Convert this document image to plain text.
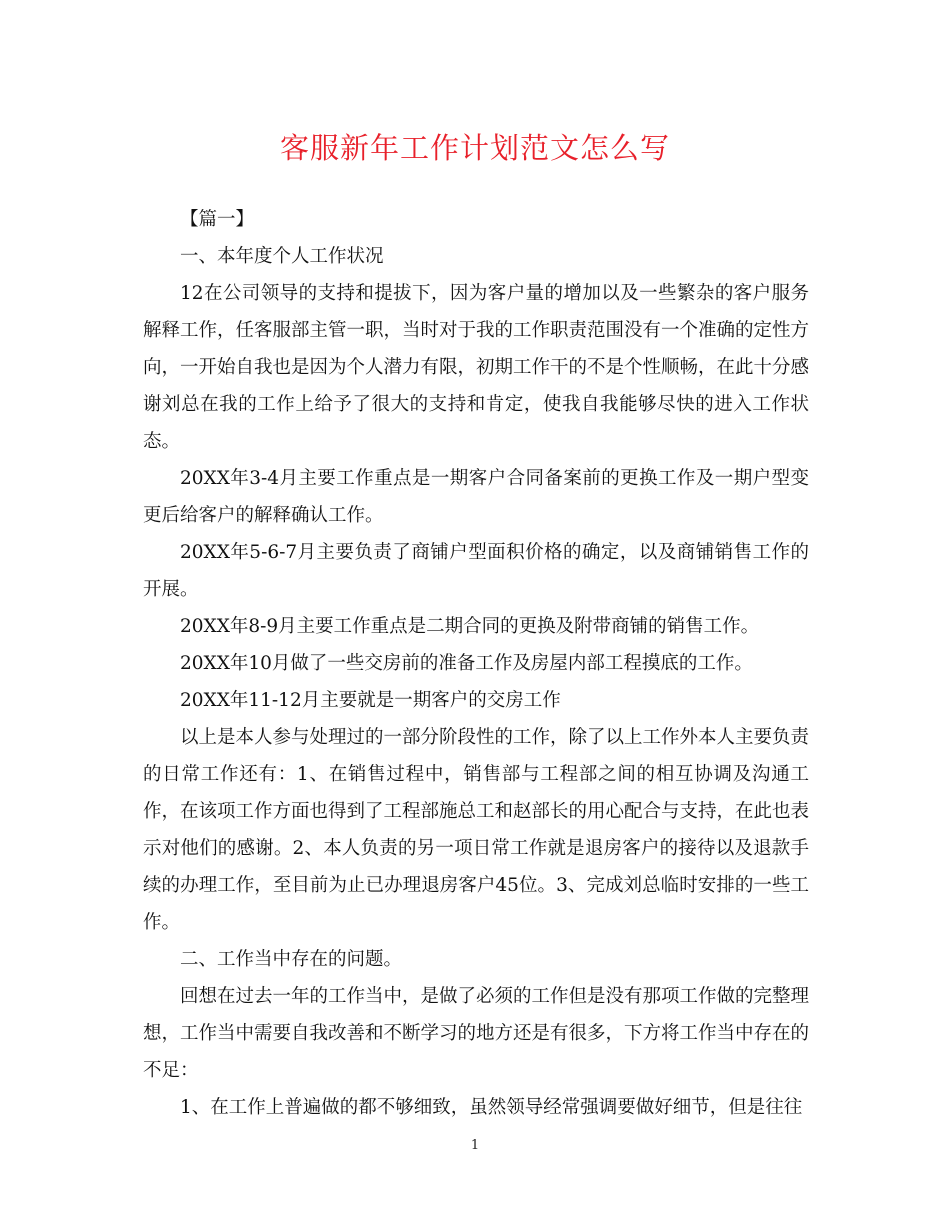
客服新年工作计划范文怎么写

【篇一】

一、本年度个人工作状况

12在公司领导的支持和提拔下，因为客户量的增加以及一些繁杂的客户服务解释工作，任客服部主管一职，当时对于我的工作职责范围没有一个准确的定性方向，一开始自我也是因为个人潜力有限，初期工作干的不是个性顺畅，在此十分感谢刘总在我的工作上给予了很大的支持和肯定，使我自我能够尽快的进入工作状态。

20XX年3-4月主要工作重点是一期客户合同备案前的更换工作及一期户型变更后给客户的解释确认工作。

20XX年5-6-7月主要负责了商铺户型面积价格的确定，以及商铺销售工作的开展。

20XX年8-9月主要工作重点是二期合同的更换及附带商铺的销售工作。

20XX年10月做了一些交房前的准备工作及房屋内部工程摸底的工作。

20XX年11-12月主要就是一期客户的交房工作

以上是本人参与处理过的一部分阶段性的工作，除了以上工作外本人主要负责的日常工作还有：1、在销售过程中，销售部与工程部之间的相互协调及沟通工作，在该项工作方面也得到了工程部施总工和赵部长的用心配合与支持，在此也表示对他们的感谢。2、本人负责的另一项日常工作就是退房客户的接待以及退款手续的办理工作，至目前为止已办理退房客户45位。3、完成刘总临时安排的一些工作。

二、工作当中存在的问题。

回想在过去一年的工作当中，是做了必须的工作但是没有那项工作做的完整理想，工作当中需要自我改善和不断学习的地方还是有很多，下方将工作当中存在的不足：

1、在工作上普遍做的都不够细致，虽然领导经常强调要做好细节，但是往往

1
